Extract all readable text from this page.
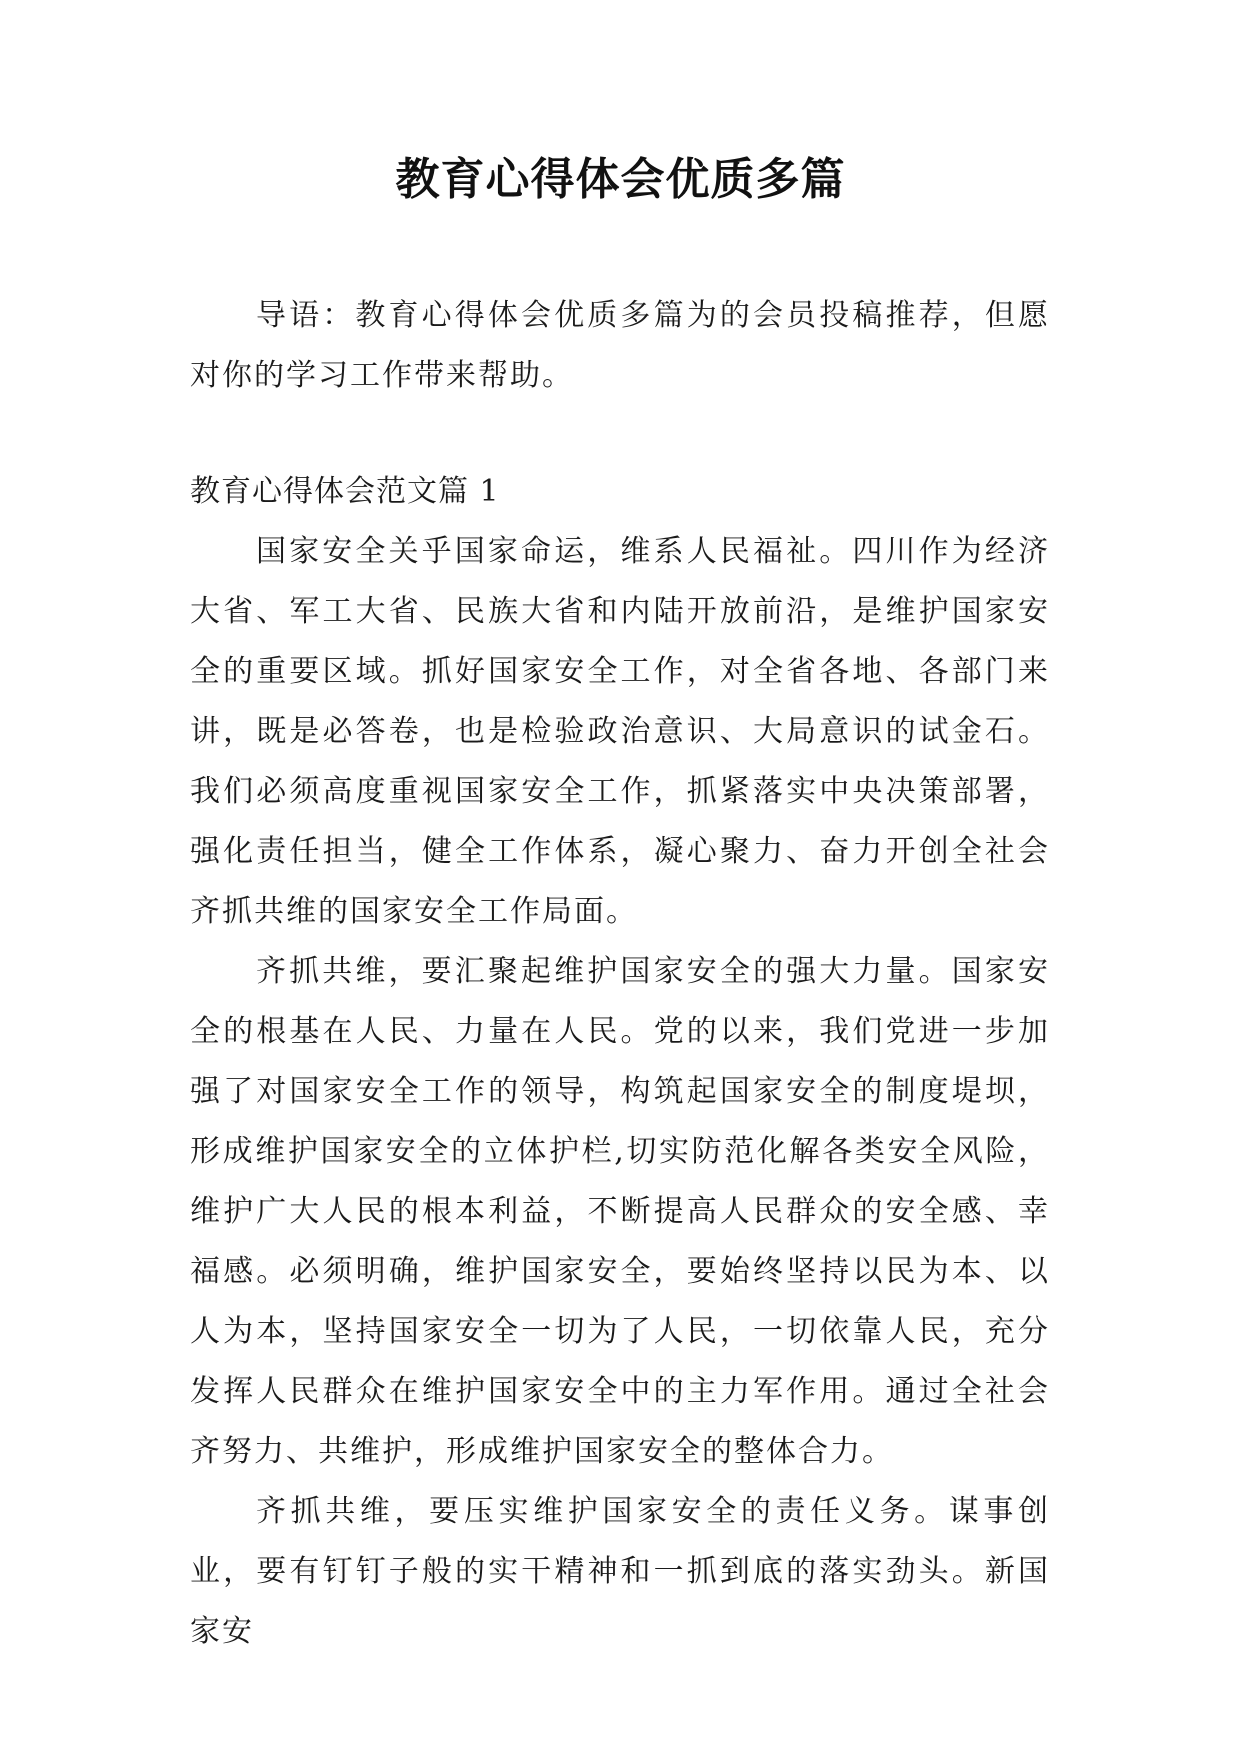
教育心得体会优质多篇
导语：教育心得体会优质多篇为的会员投稿推荐，但愿对你的学习工作带来帮助。
教育心得体会范文篇 1

国家安全关乎国家命运，维系人民福祉。四川作为经济大省、军工大省、民族大省和内陆开放前沿，是维护国家安全的重要区域。抓好国家安全工作，对全省各地、各部门来讲，既是必答卷，也是检验政治意识、大局意识的试金石。我们必须高度重视国家安全工作，抓紧落实中央决策部署，强化责任担当，健全工作体系，凝心聚力、奋力开创全社会齐抓共维的国家安全工作局面。

齐抓共维，要汇聚起维护国家安全的强大力量。国家安全的根基在人民、力量在人民。党的以来，我们党进一步加强了对国家安全工作的领导，构筑起国家安全的制度堤坝，形成维护国家安全的立体护栏,切实防范化解各类安全风险，维护广大人民的根本利益，不断提高人民群众的安全感、幸福感。必须明确，维护国家安全，要始终坚持以民为本、以人为本，坚持国家安全一切为了人民，一切依靠人民，充分发挥人民群众在维护国家安全中的主力军作用。通过全社会齐努力、共维护，形成维护国家安全的整体合力。

齐抓共维，要压实维护国家安全的责任义务。谋事创业，要有钉钉子般的实干精神和一抓到底的落实劲头。新国家安
